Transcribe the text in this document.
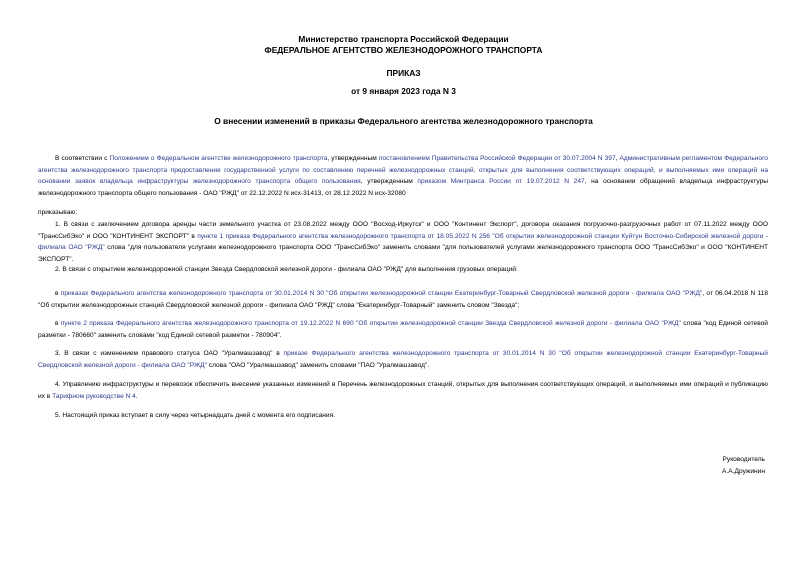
Министерство транспорта Российской Федерации
ФЕДЕРАЛЬНОЕ АГЕНТСТВО ЖЕЛЕЗНОДОРОЖНОГО ТРАНСПОРТА
ПРИКАЗ
от 9 января 2023 года N 3
О внесении изменений в приказы Федерального агентства железнодорожного транспорта
В соответствии с Положением о Федеральном агентстве железнодорожного транспорта, утвержденным постановлением Правительства Российской Федерации от 30.07.2004 N 397, Административным регламентом Федерального агентства железнодорожного транспорта предоставления государственной услуги по составлению перечней железнодорожных станций, открытых для выполнения соответствующих операций, и выполняемых ими операций на основании заявок владельца инфраструктуры железнодорожного транспорта общего пользования, утвержденным приказом Минтранса России от 19.07.2012 N 247, на основании обращений владельца инфраструктуры железнодорожного транспорта общего пользования - ОАО "РЖД" от 22.12.2022 N исх-31413, от 28.12.2022 N исх-32080
приказываю:
1. В связи с заключением договора аренды части земельного участка от 23.08.2022 между ООО "Восход-Иркутск" и ООО "Континент Экспорт", договора оказания погрузочно-разгрузочных работ от 07.11.2022 между ООО "ТрансСибЭко" и ООО "КОНТИНЕНТ ЭКСПОРТ" в пункте 1 приказа Федерального агентства железнодорожного транспорта от 18.05.2022 N 256 "Об открытии железнодорожной станции Куйтун Восточно-Сибирской железной дороги - филиала ОАО "РЖД" слова "для пользователя услугами железнодорожного транспорта ООО "ТрансСибЭко" заменить словами "для пользователей услугами железнодорожного транспорта ООО "ТрансСибЭко" и ООО "КОНТИНЕНТ ЭКСПОРТ".
2. В связи с открытием железнодорожной станции Звезда Свердловской железной дороги - филиала ОАО "РЖД" для выполнения грузовых операций:
в приказах Федерального агентства железнодорожного транспорта от 30.01.2014 N 30 "Об открытии железнодорожной станции Екатеринбург-Товарный Свердловской железной дороги - филиала ОАО "РЖД", от 06.04.2018 N 118 "Об открытии железнодорожных станций Свердловской железной дороги - филиала ОАО "РЖД" слова "Екатеринбург-Товарный" заменить словом "Звезда";
в пункте 2 приказа Федерального агентства железнодорожного транспорта от 19.12.2022 N 690 "Об открытии железнодорожной станции Звезда Свердловской железной дороги - филиала ОАО "РЖД" слова "код Единой сетевой разметки - 780660" заменить словами "код Единой сетевой разметки - 780904".
3. В связи с изменением правового статуса ОАО "Уралмашзавод" в приказе Федерального агентства железнодорожного транспорта от 30.01.2014 N 30 "Об открытии железнодорожной станции Екатеринбург-Товарный Свердловской железной дороги - филиала ОАО "РЖД" слова "ОАО "Уралмашзавод" заменить словами "ПАО "Уралмашзавод".
4. Управлению инфраструктуры и перевозок обеспечить внесение указанных изменений в Перечень железнодорожных станций, открытых для выполнения соответствующих операций, и выполняемых ими операций и публикацию их в Тарифном руководстве N 4.
5. Настоящий приказ вступает в силу через четырнадцать дней с момента его подписания.
Руководитель
А.А.Дружинин
